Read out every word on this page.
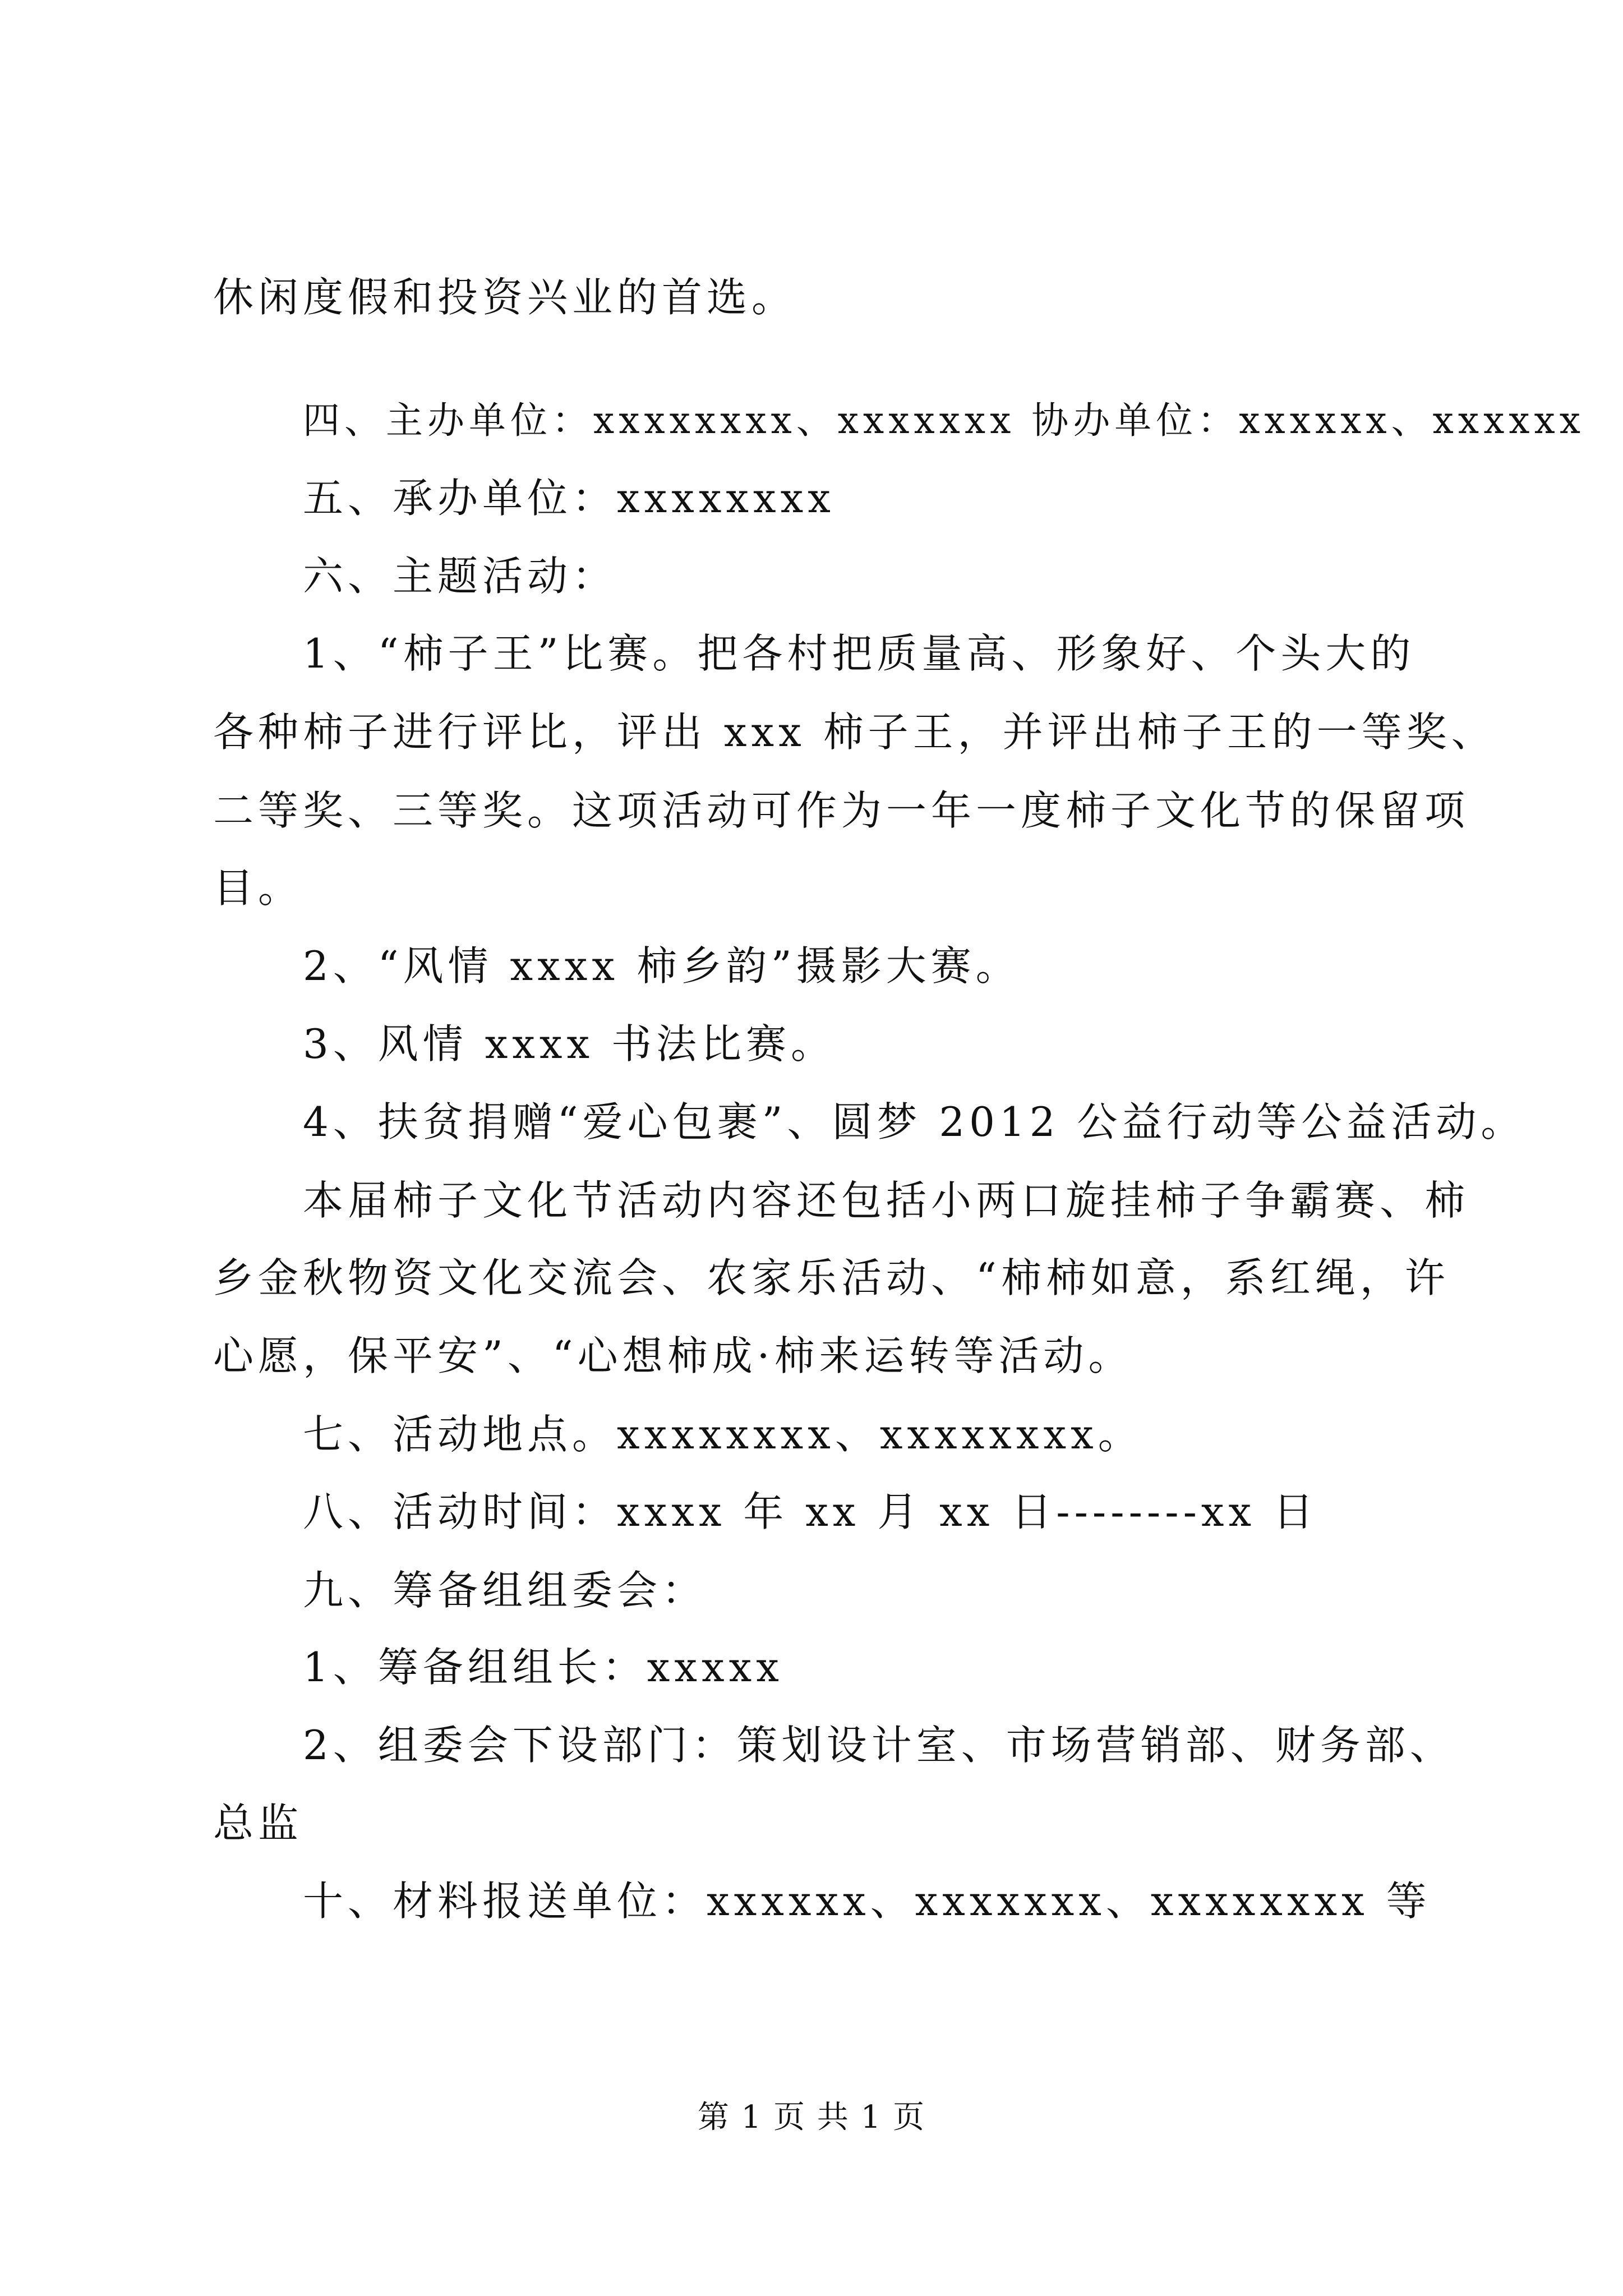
休闲度假和投资兴业的首选。
四、主办单位：xxxxxxxx、xxxxxxx 协办单位：xxxxxx、xxxxxx
五、承办单位：xxxxxxxx
六、主题活动：
1、“柿子王”比赛。把各村把质量高、形象好、个头大的
各种柿子进行评比，评出 xxx 柿子王，并评出柿子王的一等奖、
二等奖、三等奖。这项活动可作为一年一度柿子文化节的保留项
目。
2、“风情 xxxx 柿乡韵”摄影大赛。
3、风情 xxxx 书法比赛。
4、扶贫捐赠“爱心包裹”、圆梦 2012 公益行动等公益活动。
本届柿子文化节活动内容还包括小两口旋挂柿子争霸赛、柿
乡金秋物资文化交流会、农家乐活动、“柿柿如意，系红绳，许
心愿，保平安”、“心想柿成·柿来运转等活动。
七、活动地点。xxxxxxxx、xxxxxxxx。
八、活动时间：xxxx 年 xx 月 xx 日--------xx 日
九、筹备组组委会：
1、筹备组组长：xxxxx
2、组委会下设部门：策划设计室、市场营销部、财务部、
总监
十、材料报送单位：xxxxxx、xxxxxxx、xxxxxxxx 等
第 1 页 共 1 页
